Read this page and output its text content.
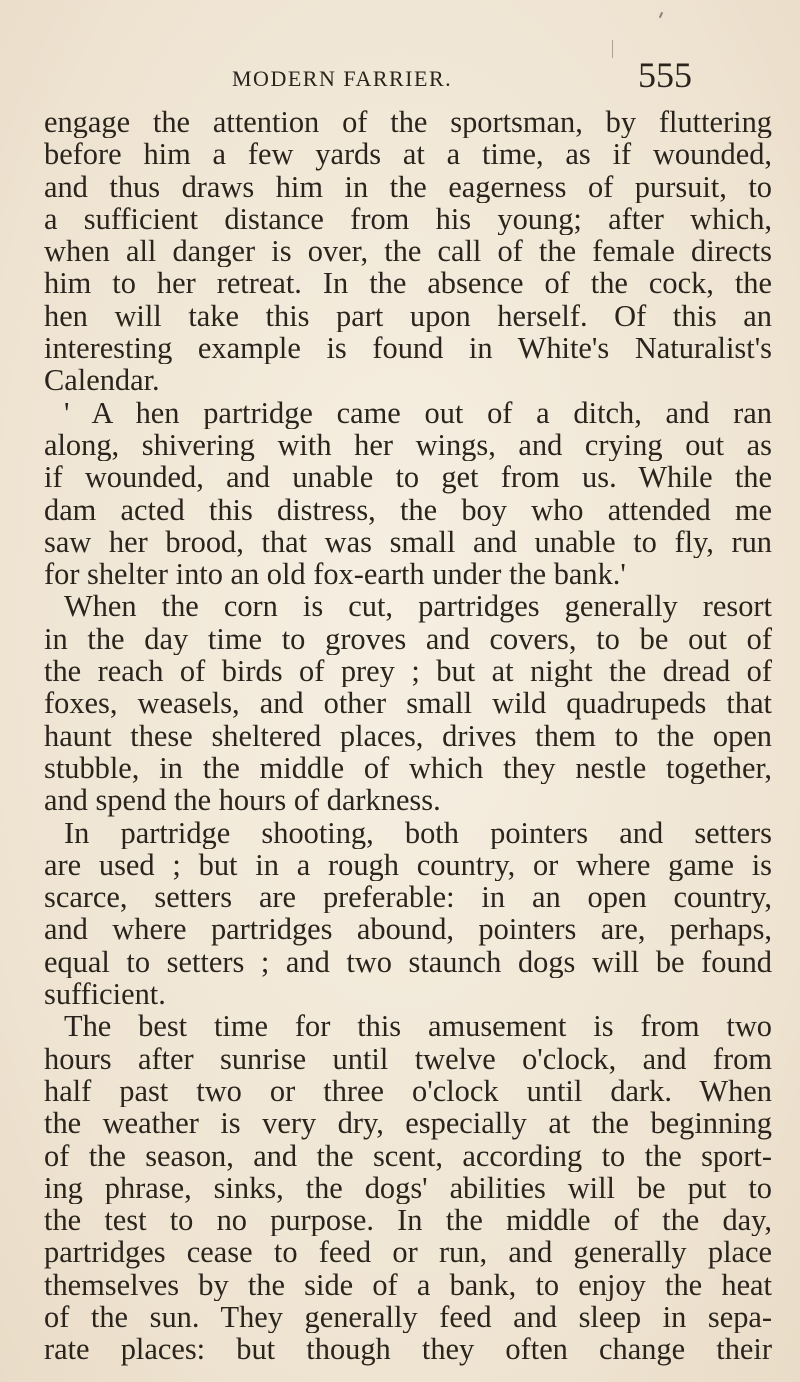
MODERN FARRIER.	555
engage the attention of the sportsman, by fluttering
before him a few yards at a time, as if wounded,
and thus draws him in the eagerness of pursuit, to
a sufficient distance from his young; after which,
when all danger is over, the call of the female directs
him to her retreat. In the absence of the cock, the
hen will take this part upon herself. Of this an
interesting example is found in White's Naturalist's
Calendar.
' A hen partridge came out of a ditch, and ran
along, shivering with her wings, and crying out as
if wounded, and unable to get from us. While the
dam acted this distress, the boy who attended me
saw her brood, that was small and unable to fly, run
for shelter into an old fox-earth under the bank.'
When the corn is cut, partridges generally resort
in the day time to groves and covers, to be out of
the reach of birds of prey ; but at night the dread of
foxes, weasels, and other small wild quadrupeds that
haunt these sheltered places, drives them to the open
stubble, in the middle of which they nestle together,
and spend the hours of darkness.
In partridge shooting, both pointers and setters
are used ; but in a rough country, or where game is
scarce, setters are preferable: in an open country,
and where partridges abound, pointers are, perhaps,
equal to setters ; and two staunch dogs will be found
sufficient.
The best time for this amusement is from two
hours after sunrise until twelve o'clock, and from
half past two or three o'clock until dark. When
the weather is very dry, especially at the beginning
of the season, and the scent, according to the sport-
ing phrase, sinks, the dogs' abilities will be put to
the test to no purpose. In the middle of the day,
partridges cease to feed or run, and generally place
themselves by the side of a bank, to enjoy the heat
of the sun. They generally feed and sleep in sepa-
rate places: but though they often change their
